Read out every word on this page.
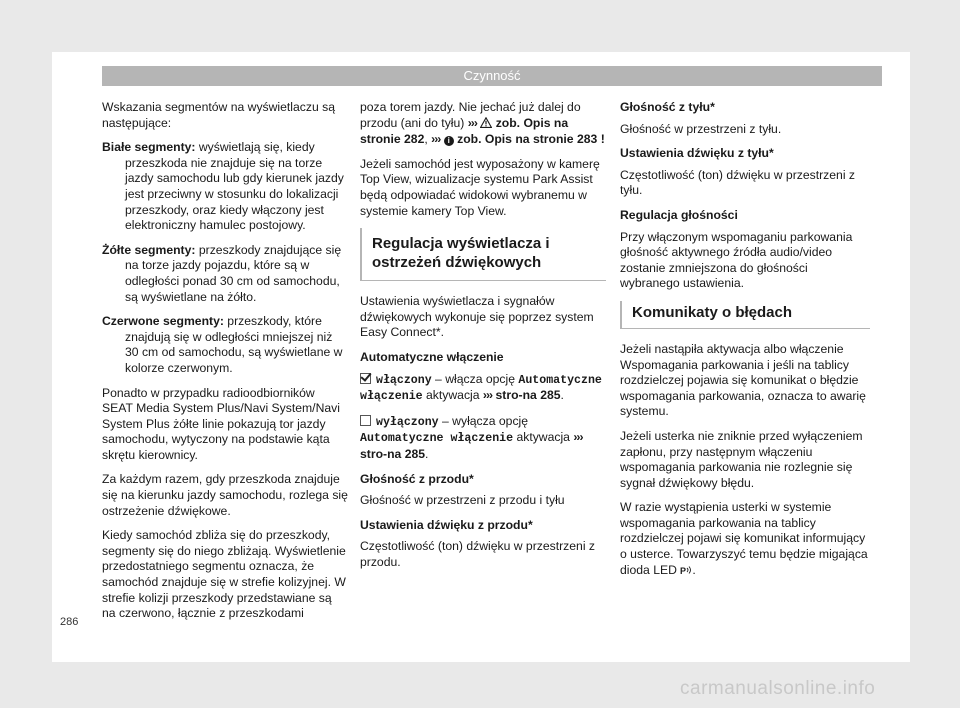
Czynność

Wskazania segmentów na wyświetlaczu są następujące:

Białe segmenty: wyświetlają się, kiedy przeszkoda nie znajduje się na torze jazdy samochodu lub gdy kierunek jazdy jest przeciwny w stosunku do lokalizacji przeszkody, oraz kiedy włączony jest elektroniczny hamulec postojowy.

Żółte segmenty: przeszkody znajdujące się na torze jazdy pojazdu, które są w odległości ponad 30 cm od samochodu, są wyświetlane na żółto.

Czerwone segmenty: przeszkody, które znajdują się w odległości mniejszej niż 30 cm od samochodu, są wyświetlane w kolorze czerwonym.

Ponadto w przypadku radioodbiorników SEAT Media System Plus/Navi System/Navi System Plus żółte linie pokazują tor jazdy samochodu, wytyczony na podstawie kąta skrętu kierownicy.

Za każdym razem, gdy przeszkoda znajduje się na kierunku jazdy samochodu, rozlega się ostrzeżenie dźwiękowe.

Kiedy samochód zbliża się do przeszkody, segmenty się do niego zbliżają. Wyświetlenie przedostatniego segmentu oznacza, że samochód znajduje się w strefie kolizyjnej. W strefie kolizji przeszkody przedstawiane są na czerwono, łącznie z przeszkodami

poza torem jazdy. Nie jechać już dalej do przodu (ani do tyłu) ››› zob. Opis na stronie 282, ››› i zob. Opis na stronie 283 !

Jeżeli samochód jest wyposażony w kamerę Top View, wizualizacje systemu Park Assist będą odpowiadać widokowi wybranemu w systemie kamery Top View.

Regulacja wyświetlacza i ostrzeżeń dźwiękowych

Ustawienia wyświetlacza i sygnałów dźwiękowych wykonuje się poprzez system Easy Connect*.

Automatyczne włączenie

włączony – włącza opcję Automatyczne włączenie aktywacja ››› stro-na 285.

wyłączony – wyłącza opcję Automatyczne włączenie aktywacja ››› stro-na 285.

Głośność z przodu*

Głośność w przestrzeni z przodu i tyłu

Ustawienia dźwięku z przodu*

Częstotliwość (ton) dźwięku w przestrzeni z przodu.

Głośność z tyłu*

Głośność w przestrzeni z tyłu.

Ustawienia dźwięku z tyłu*

Częstotliwość (ton) dźwięku w przestrzeni z tyłu.

Regulacja głośności

Przy włączonym wspomaganiu parkowania głośność aktywnego źródła audio/video zostanie zmniejszona do głośności wybranego ustawienia.

Komunikaty o błędach

Jeżeli nastąpiła aktywacja albo włączenie Wspomagania parkowania i jeśli na tablicy rozdzielczej pojawia się komunikat o błędzie wspomagania parkowania, oznacza to awarię systemu.

Jeżeli usterka nie zniknie przed wyłączeniem zapłonu, przy następnym włączeniu wspomagania parkowania nie rozlegnie się sygnał dźwiękowy błędu.

W razie wystąpienia usterki w systemie wspomagania parkowania na tablicy rozdzielczej pojawi się komunikat informujący o usterce. Towarzyszyć temu będzie migająca dioda LED P .

286
carmanualsonline.info
